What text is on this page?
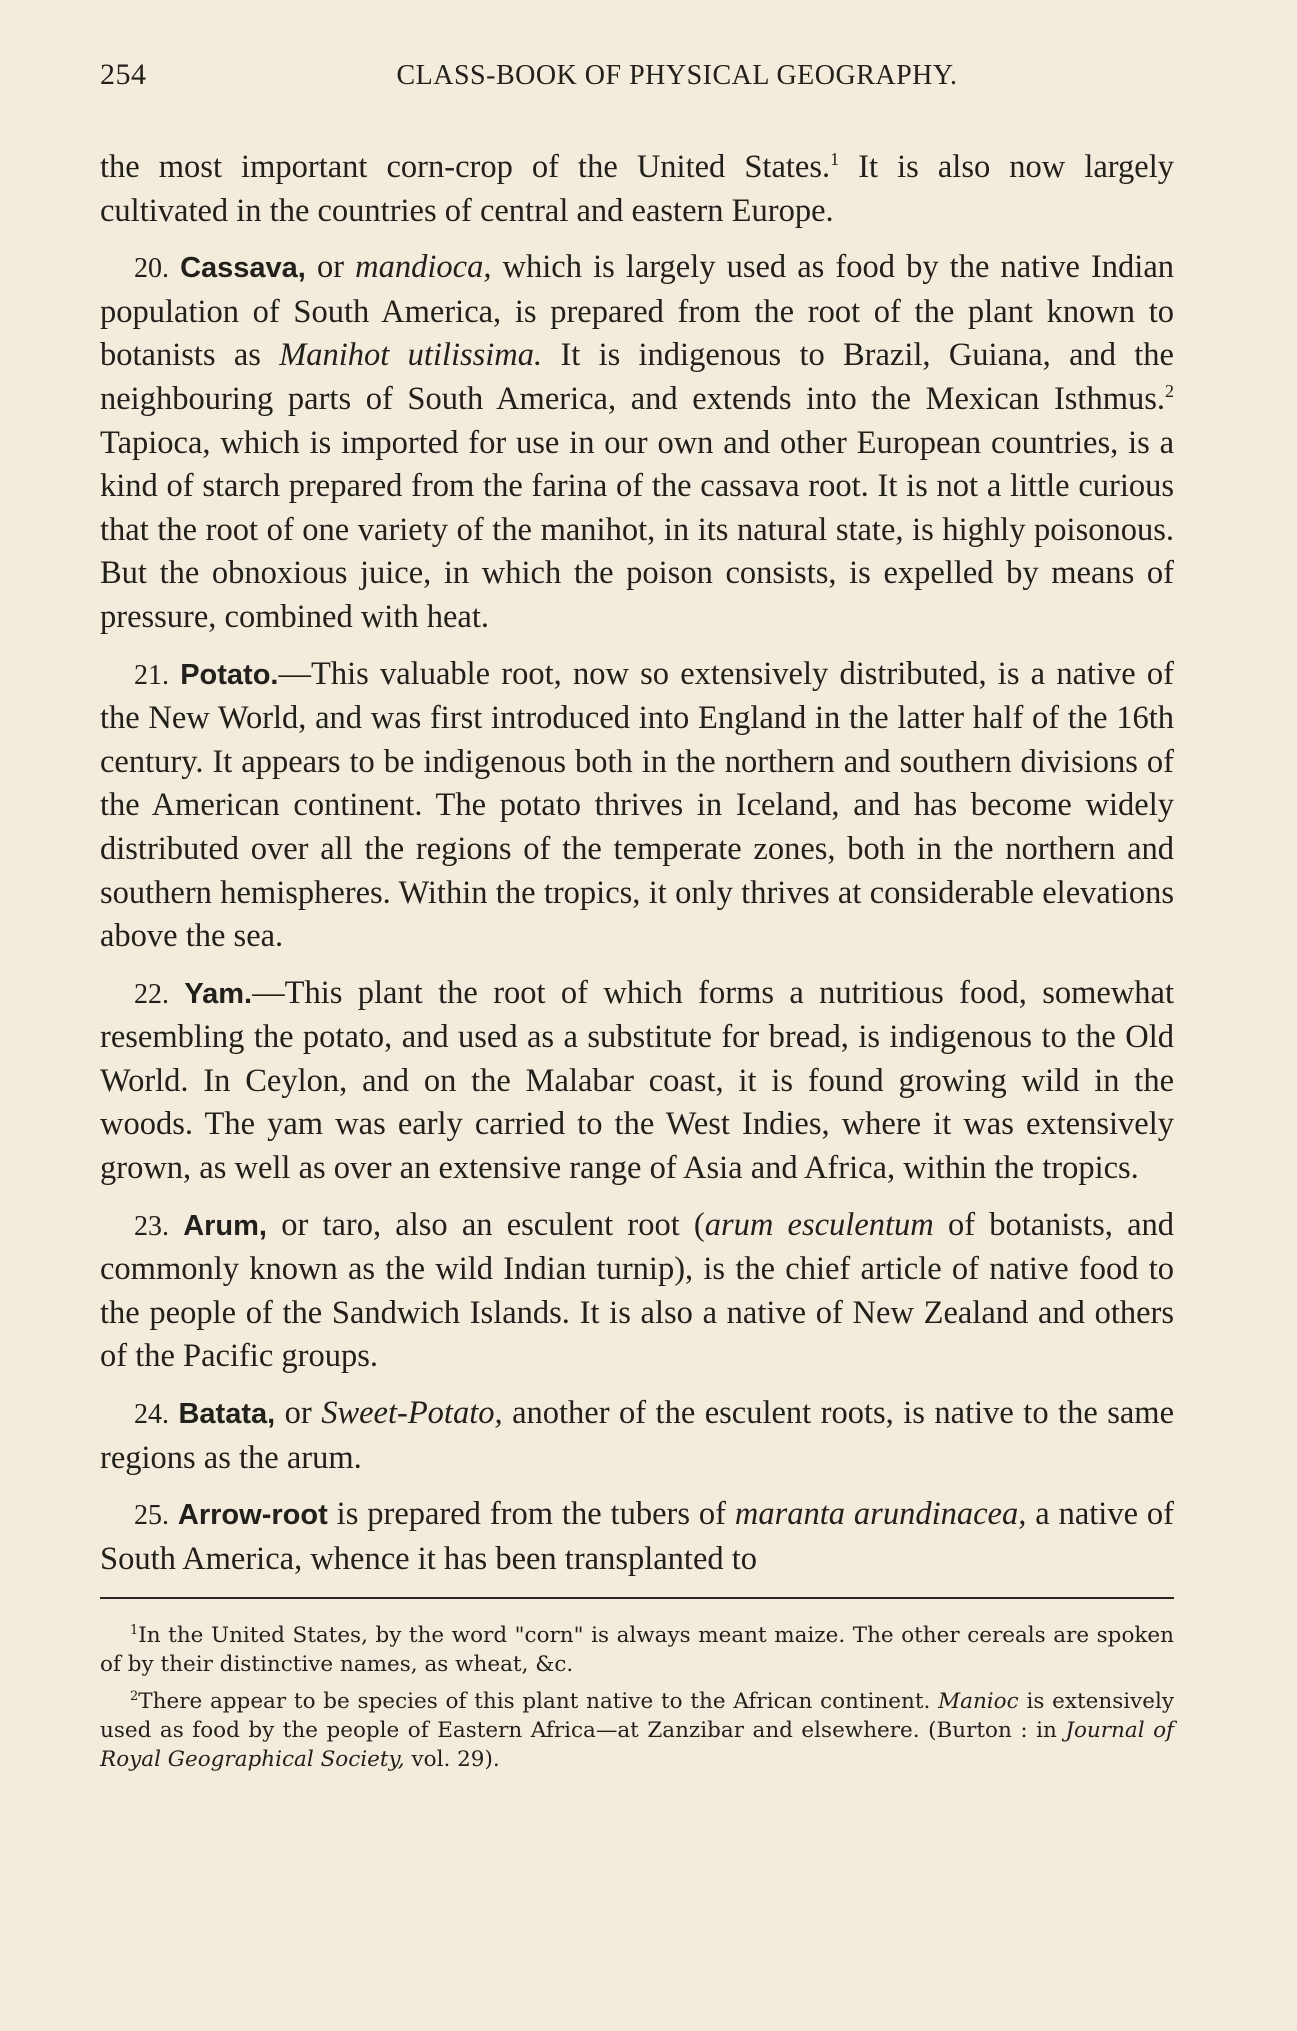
254	CLASS-BOOK OF PHYSICAL GEOGRAPHY.

the most important corn-crop of the United States.$^1$ It is also now largely cultivated in the countries of central and eastern Europe.

20. Cassava, or mandioca, which is largely used as food by the native Indian population of South America, is prepared from the root of the plant known to botanists as Manihot utilissima. It is indigenous to Brazil, Guiana, and the neighbouring parts of South America, and extends into the Mexican Isthmus.$^2$ Tapioca, which is imported for use in our own and other European countries, is a kind of starch prepared from the farina of the cassava root. It is not a little curious that the root of one variety of the manihot, in its natural state, is highly poisonous. But the obnoxious juice, in which the poison consists, is expelled by means of pressure, combined with heat.

21. Potato.—This valuable root, now so extensively distributed, is a native of the New World, and was first introduced into England in the latter half of the 16th century. It appears to be indigenous both in the northern and southern divisions of the American continent. The potato thrives in Iceland, and has become widely distributed over all the regions of the temperate zones, both in the northern and southern hemispheres. Within the tropics, it only thrives at considerable elevations above the sea.

22. Yam.—This plant the root of which forms a nutritious food, somewhat resembling the potato, and used as a substitute for bread, is indigenous to the Old World. In Ceylon, and on the Malabar coast, it is found growing wild in the woods. The yam was early carried to the West Indies, where it was extensively grown, as well as over an extensive range of Asia and Africa, within the tropics.

23. Arum, or taro, also an esculent root (arum esculentum of botanists, and commonly known as the wild Indian turnip), is the chief article of native food to the people of the Sandwich Islands. It is also a native of New Zealand and others of the Pacific groups.

24. Batata, or Sweet-Potato, another of the esculent roots, is native to the same regions as the arum.

25. Arrow-root is prepared from the tubers of maranta arundinacea, a native of South America, whence it has been transplanted to

$^1$In the United States, by the word "corn" is always meant maize. The other cereals are spoken of by their distinctive names, as wheat, &c.

$^2$There appear to be species of this plant native to the African continent. Manioc is extensively used as food by the people of Eastern Africa—at Zanzibar and elsewhere. (Burton : in Journal of Royal Geographical Society, vol. 29).
